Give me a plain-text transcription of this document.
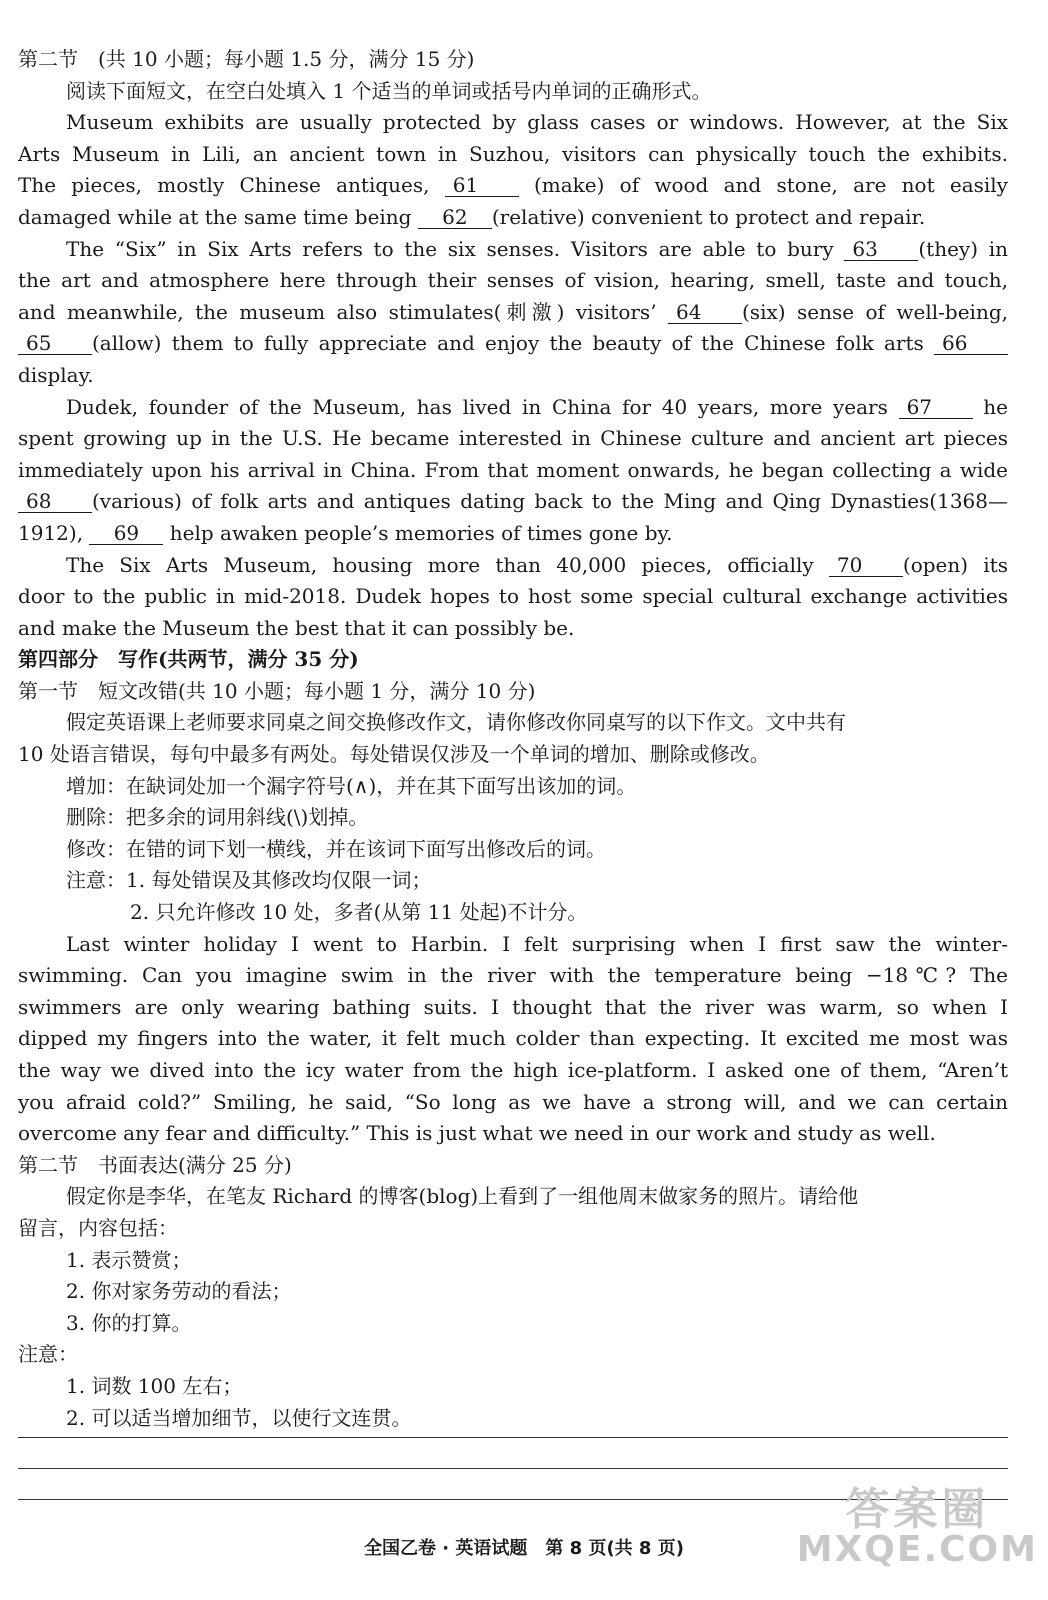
第二节　(共 10 小题；每小题 1.5 分，满分 15 分)

阅读下面短文，在空白处填入 1 个适当的单词或括号内单词的正确形式。

Museum exhibits are usually protected by glass cases or windows. However, at the Six

Arts Museum in Lili, an ancient town in Suzhou, visitors can physically touch the exhibits.

The pieces, mostly Chinese antiques, 61	(make) of wood and stone, are not easily

damaged while at the same time being 62 (relative) convenient to protect and repair.

The “Six” in Six Arts refers to the six senses. Visitors are able to bury 63 (they) in

the art and atmosphere here through their senses of vision, hearing, smell, taste and touch,

and meanwhile, the museum also stimulates(刺激) visitors’ 64 (six) sense of well-being,

65 (allow) them to fully appreciate and enjoy the beauty of the Chinese folk arts 66 display.

Dudek, founder of the Museum, has lived in China for 40 years, more years 67	he

spent growing up in the U.S. He became interested in Chinese culture and ancient art pieces

immediately upon his arrival in China. From that moment onwards, he began collecting a wide

68 (various) of folk arts and antiques dating back to the Ming and Qing Dynasties(1368—

1912), 69 help awaken people’s memories of times gone by.

The Six Arts Museum, housing more than 40,000 pieces, officially 70 (open) its

door to the public in mid-2018. Dudek hopes to host some special cultural exchange activities

and make the Museum the best that it can possibly be.

第四部分　写作(共两节，满分 35 分)

第一节　短文改错(共 10 小题；每小题 1 分，满分 10 分)

假定英语课上老师要求同桌之间交换修改作文，请你修改你同桌写的以下作文。文中共有

10 处语言错误，每句中最多有两处。每处错误仅涉及一个单词的增加、删除或修改。

增加：在缺词处加一个漏字符号(∧)，并在其下面写出该加的词。

删除：把多余的词用斜线(\)划掉。

修改：在错的词下划一横线，并在该词下面写出修改后的词。

注意：1. 每处错误及其修改均仅限一词；

2. 只允许修改 10 处，多者(从第 11 处起)不计分。

Last winter holiday I went to Harbin. I felt surprising when I first saw the winter-

swimming. Can you imagine swim in the river with the temperature being −18℃? The

swimmers are only wearing bathing suits. I thought that the river was warm, so when I

dipped my fingers into the water, it felt much colder than expecting. It excited me most was

the way we dived into the icy water from the high ice-platform. I asked one of them, “Aren’t

you afraid cold?” Smiling, he said, “So long as we have a strong will, and we can certain

overcome any fear and difficulty.” This is just what we need in our work and study as well.

第二节　书面表达(满分 25 分)

假定你是李华，在笔友 Richard 的博客(blog)上看到了一组他周末做家务的照片。请给他

留言，内容包括：

1. 表示赞赏；

2. 你对家务劳动的看法；

3. 你的打算。

注意：

1. 词数 100 左右；

2. 可以适当增加细节，以使行文连贯。

全国乙卷 · 英语试题　第 8 页(共 8 页)
答案圈
MXQE.COM
